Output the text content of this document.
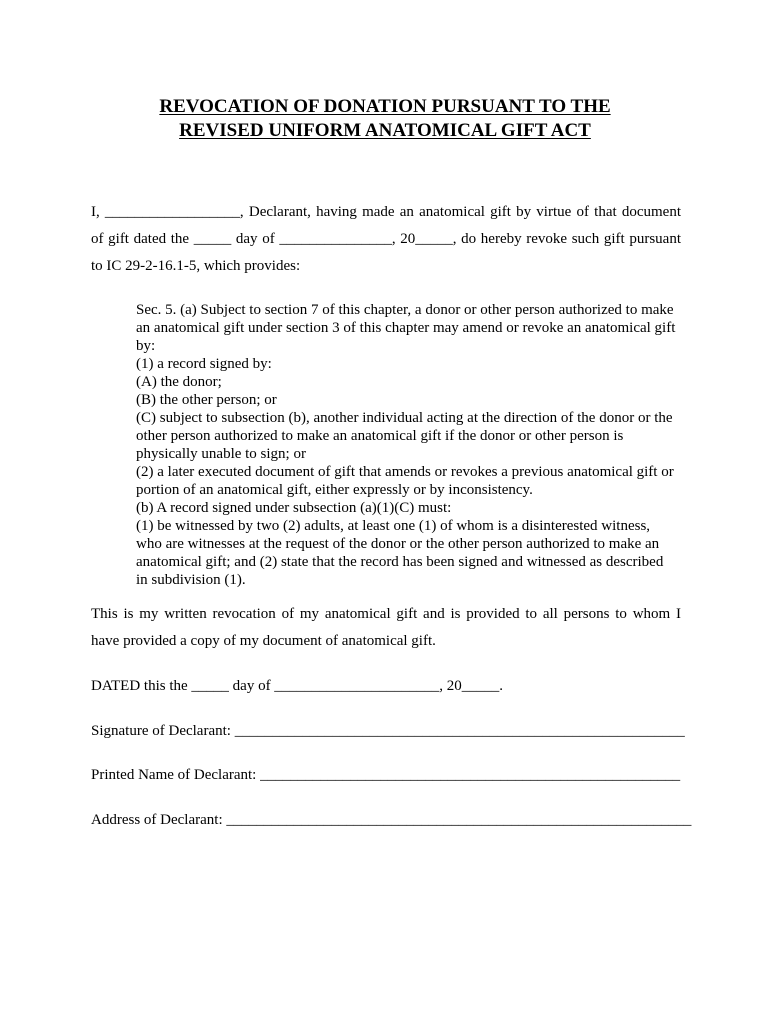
REVOCATION OF DONATION PURSUANT TO THE
REVISED UNIFORM ANATOMICAL GIFT ACT
I, __________________, Declarant, having made an anatomical gift by virtue of that document
of gift dated the _____ day of _______________, 20_____, do hereby revoke such gift pursuant
to IC 29-2-16.1-5, which provides:
Sec. 5. (a) Subject to section 7 of this chapter, a donor or other person authorized to make
an anatomical gift under section 3 of this chapter may amend or revoke an anatomical gift
by:
(1) a record signed by:
(A) the donor;
(B) the other person; or
(C) subject to subsection (b), another individual acting at the direction of the donor or the
other person authorized to make an anatomical gift if the donor or other person is
physically unable to sign; or
(2) a later executed document of gift that amends or revokes a previous anatomical gift or
portion of an anatomical gift, either expressly or by inconsistency.
(b) A record signed under subsection (a)(1)(C) must:
(1) be witnessed by two (2) adults, at least one (1) of whom is a disinterested witness,
who are witnesses at the request of the donor or the other person authorized to make an
anatomical gift; and (2) state that the record has been signed and witnessed as described
in subdivision (1).
This is my written revocation of my anatomical gift and is provided to all persons to whom I
have provided a copy of my document of anatomical gift.
DATED this the _____ day of ______________________, 20_____.
Signature of Declarant: ____________________________________________________________
Printed Name of Declarant: ________________________________________________________
Address of Declarant: ______________________________________________________________
